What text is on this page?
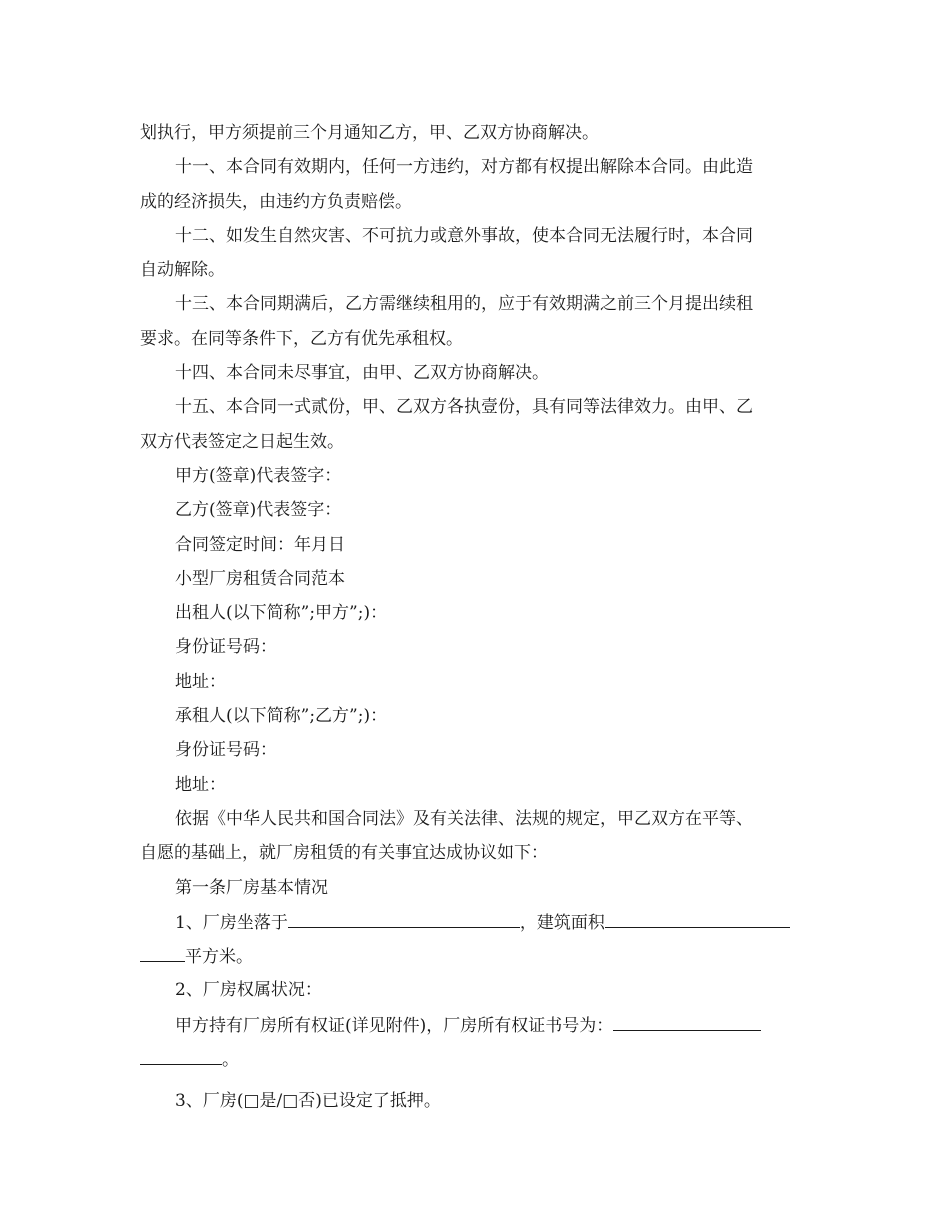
划执行，甲方须提前三个月通知乙方，甲、乙双方协商解决。
十一、本合同有效期内，任何一方违约，对方都有权提出解除本合同。由此造
成的经济损失，由违约方负责赔偿。
十二、如发生自然灾害、不可抗力或意外事故，使本合同无法履行时，本合同
自动解除。
十三、本合同期满后，乙方需继续租用的，应于有效期满之前三个月提出续租
要求。在同等条件下，乙方有优先承租权。
十四、本合同未尽事宜，由甲、乙双方协商解决。
十五、本合同一式贰份，甲、乙双方各执壹份，具有同等法律效力。由甲、乙
双方代表签定之日起生效。
甲方(签章)代表签字：
乙方(签章)代表签字：
合同签定时间：年月日
小型厂房租赁合同范本
出租人(以下简称”;甲方”;)：
身份证号码：
地址：
承租人(以下简称”;乙方”;)：
身份证号码：
地址：
依据《中华人民共和国合同法》及有关法律、法规的规定，甲乙双方在平等、
自愿的基础上，就厂房租赁的有关事宜达成协议如下：
第一条厂房基本情况
1、厂房坐落于	，建筑面积
平方米。
2、厂房权属状况：
甲方持有厂房所有权证(详见附件)，厂房所有权证书号为：
。
3、厂房(□是/□否)已设定了抵押。
